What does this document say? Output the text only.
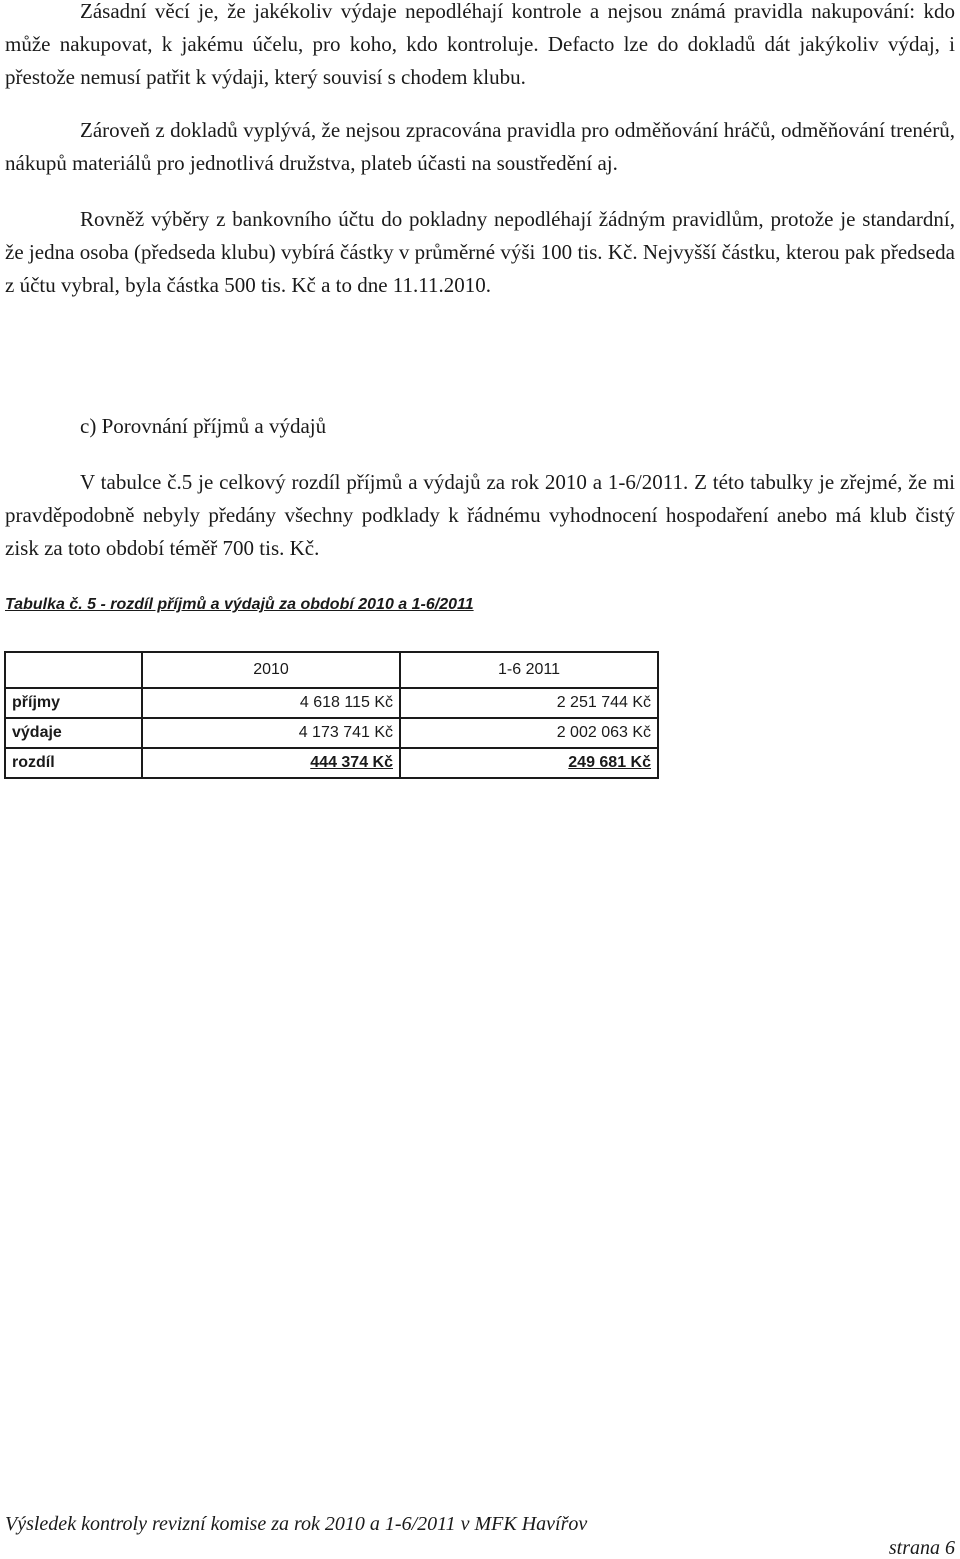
Zásadní věcí je, že jakékoliv výdaje nepodléhají kontrole a nejsou známá pravidla nakupování: kdo může nakupovat, k jakému účelu, pro koho, kdo kontroluje. Defacto lze do dokladů dát jakýkoliv výdaj, i přestože nemusí patřit k výdaji, který souvisí s chodem klubu.

Zároveň z dokladů vyplývá, že nejsou zpracována pravidla pro odměňování hráčů, odměňování trenérů, nákupů materiálů pro jednotlivá družstva, plateb účasti na soustředění aj.

Rovněž výběry z bankovního účtu do pokladny nepodléhají žádným pravidlům, protože je standardní, že jedna osoba (předseda klubu) vybírá částky v průměrné výši 100 tis. Kč. Nejvyšší částku, kterou pak předseda z účtu vybral, byla částka 500 tis. Kč a to dne 11.11.2010.

c) Porovnání příjmů a výdajů

V tabulce č.5 je celkový rozdíl příjmů a výdajů za rok 2010 a 1-6/2011. Z této tabulky je zřejmé, že mi pravděpodobně nebyly předány všechny podklady k řádnému vyhodnocení hospodaření anebo má klub čistý zisk za toto období téměř 700 tis. Kč.

Tabulka č. 5 - rozdíl příjmů a výdajů za období 2010 a 1-6/2011

	2010	1-6 2011
příjmy	4 618 115 Kč	2 251 744 Kč
výdaje	4 173 741 Kč	2 002 063 Kč
rozdíl	444 374 Kč	249 681 Kč

Výsledek kontroly revizní komise za rok 2010 a 1-6/2011 v MFK Havířov

strana 6
